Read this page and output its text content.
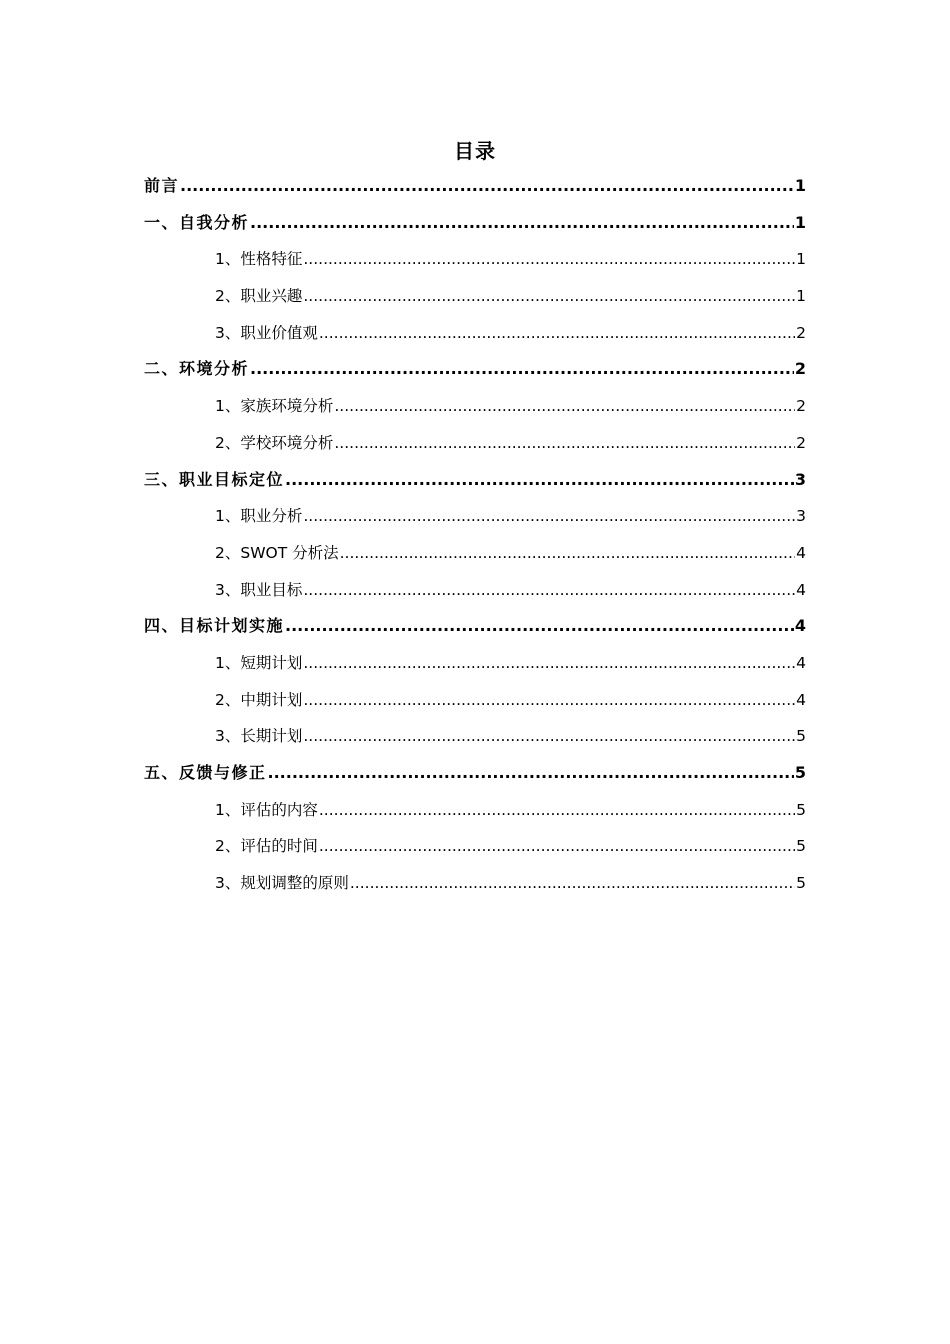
目录
前言 .....	1
一、自我分析 .....	1
1、性格特征 .....	1
2、职业兴趣 .....	1
3、职业价值观 .....	2
二、环境分析 .....	2
1、家族环境分析 .....	2
2、学校环境分析 .....	2
三、职业目标定位 .....	3
1、职业分析 .....	3
2、SWOT 分析法 .....	4
3、职业目标 .....	4
四、目标计划实施 .....	4
1、短期计划 .....	4
2、中期计划 .....	4
3、长期计划 .....	5
五、反馈与修正 .....	5
1、评估的内容 .....	5
2、评估的时间 .....	5
3、规划调整的原则 .....	5
